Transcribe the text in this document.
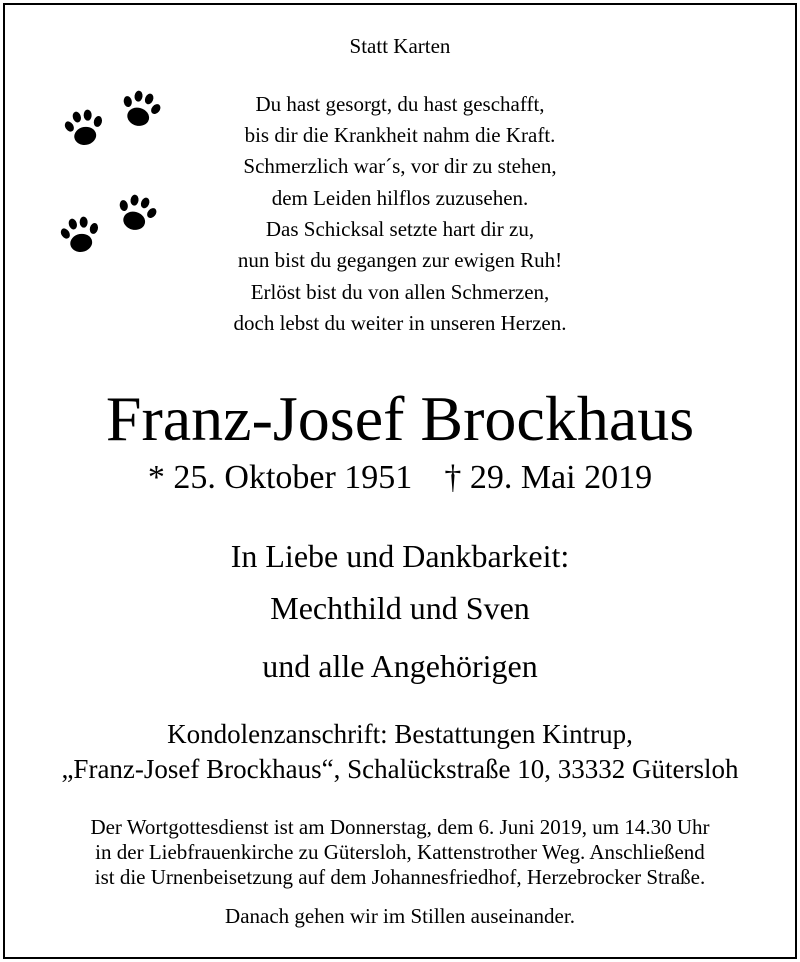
Statt Karten
Du hast gesorgt, du hast geschafft,
bis dir die Krankheit nahm die Kraft.
Schmerzlich war´s, vor dir zu stehen,
dem Leiden hilflos zuzusehen.
Das Schicksal setzte hart dir zu,
nun bist du gegangen zur ewigen Ruh!
Erlöst bist du von allen Schmerzen,
doch lebst du weiter in unseren Herzen.
Franz-Josef Brockhaus
* 25. Oktober 1951 † 29. Mai 2019
In Liebe und Dankbarkeit:
Mechthild und Sven
und alle Angehörigen
Kondolenzanschrift: Bestattungen Kintrup,
„Franz-Josef Brockhaus“, Schalückstraße 10, 33332 Gütersloh
Der Wortgottesdienst ist am Donnerstag, dem 6. Juni 2019, um 14.30 Uhr
in der Liebfrauenkirche zu Gütersloh, Kattenstrother Weg. Anschließend
ist die Urnenbeisetzung auf dem Johannesfriedhof, Herzebrocker Straße.
Danach gehen wir im Stillen auseinander.
